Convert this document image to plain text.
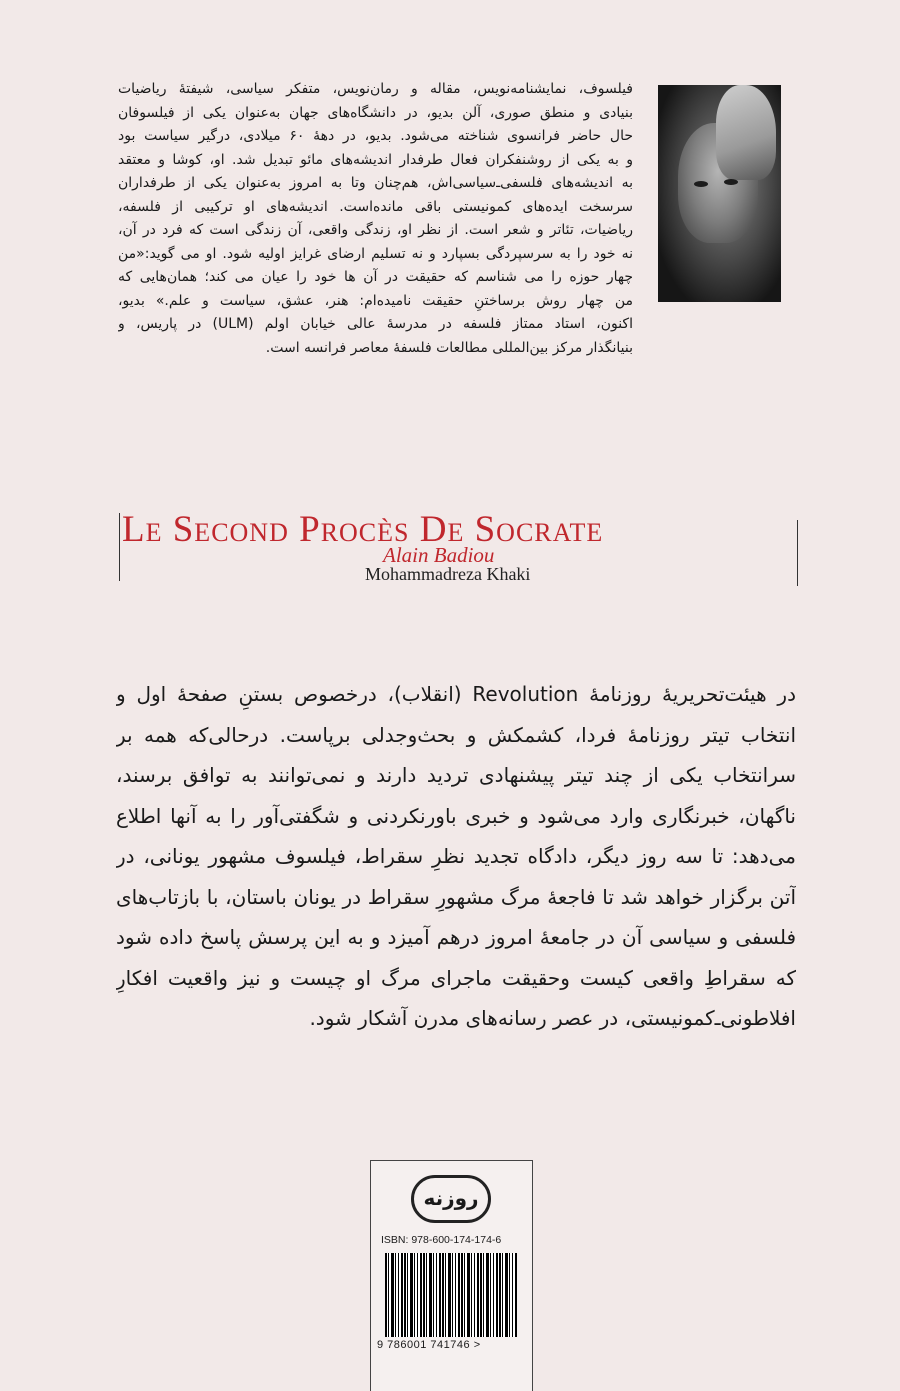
فیلسوف، نمایشنامه‌نویس، مقاله و رمان‌نویس، متفکر سیاسی، شیفتهٔ ریاضیات
بنیادی و منطق صوری، آلن بدیو، در دانشگاه‌های جهان به‌عنوان یکی از فیلسوفان
حال حاضر فرانسوی شناخته می‌شود. بدیو، در دههٔ ۶۰ میلادی، درگیر سیاست بود
و به یکی از روشنفکران فعال طرفدار اندیشه‌های مائو تبدیل شد. او، کوشا و معتقد
به اندیشه‌های فلسفی‌ـ‌سیاسی‌اش، هم‌چنان وتا به امروز به‌عنوان یکی از طرفداران
سرسخت ایده‌های کمونیستی باقی مانده‌است. اندیشه‌های او ترکیبی از فلسفه،
ریاضیات، تئاتر و شعر است. از نظر او، زندگی واقعی، آن زندگی است که فرد در آن،
نه خود را به سرسپردگی بسپارد و نه تسلیم ارضای غرایز اولیه شود. او می گوید:«من
چهار حوزه را می شناسم که حقیقت در آن ها خود را عیان می کند؛ همان‌هایی که
من چهار روش برساختنِ حقیقت نامیده‌ام: هنر، عشق، سیاست و علم.» بدیو،
اکنون، استاد ممتاز فلسفه در مدرسهٔ عالی خیابان اولم (ULM) در پاریس، و
بنیانگذار مرکز بین‌المللی مطالعات فلسفهٔ معاصر فرانسه است.
Le Second Procès De Socrate
Alain Badiou
Mohammadreza Khaki
در هیئت‌تحریریهٔ روزنامهٔ Revolution (انقلاب)، درخصوص بستنِ صفحهٔ اول و
انتخاب تیتر روزنامهٔ فردا، کشمکش و بحث‌وجدلی برپاست. درحالی‌که همه بر
سرانتخاب یکی از چند تیتر پیشنهادی تردید دارند و نمی‌توانند به توافق برسند،
ناگهان، خبرنگاری وارد می‌شود و خبری باورنکردنی و شگفتی‌آور را به آنها اطلاع
می‌دهد: تا سه روز دیگر، دادگاه تجدید نظرِ سقراط، فیلسوف مشهور یونانی، در
آتن برگزار خواهد شد تا فاجعهٔ مرگ مشهورِ سقراط در یونان باستان، با بازتاب‌های
فلسفی و سیاسی آن در جامعهٔ امروز درهم آمیزد و به این پرسش پاسخ داده شود
که سقراطِ واقعی کیست وحقیقت ماجرای مرگ او چیست و نیز واقعیت افکارِ
افلاطونی‌ـ‌کمونیستی، در عصر رسانه‌های مدرن آشکار شود.
روزنه
ISBN: 978-600-174-174-6
9 786001 741746 >
